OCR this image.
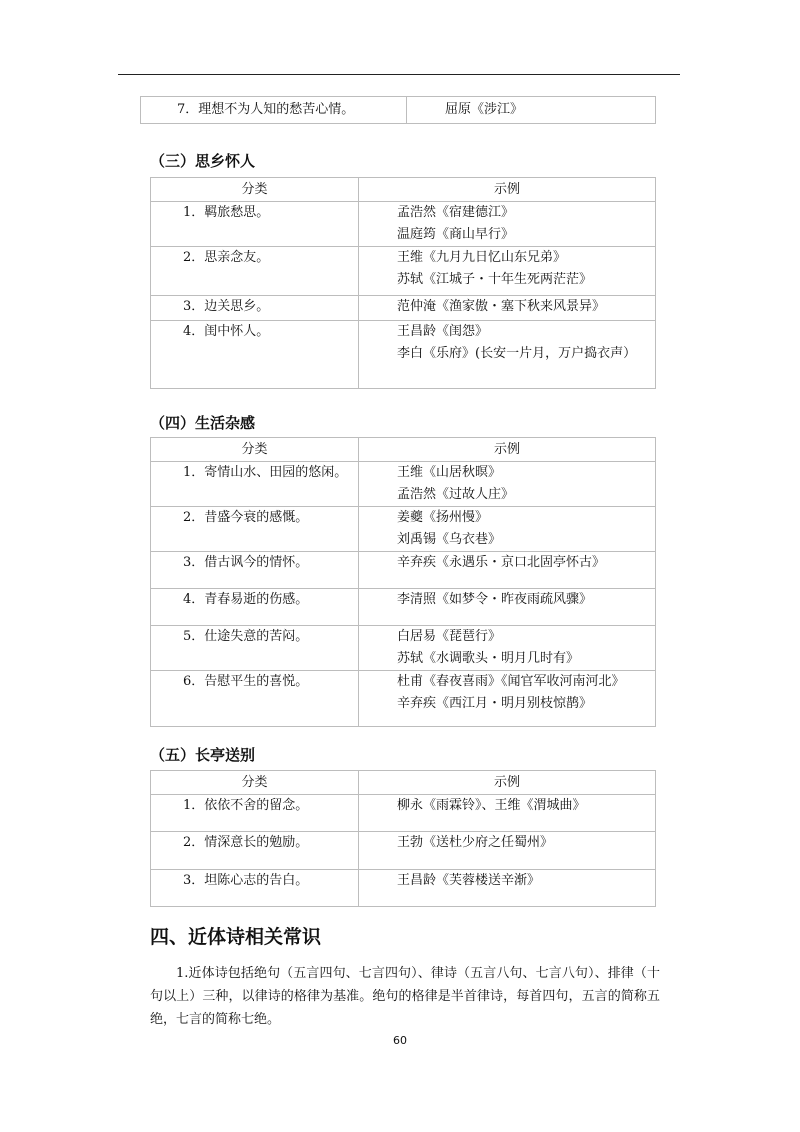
7．理想不为人知的愁苦心情。	屈原《涉江》
（三）思乡怀人
分类	示例
1．羁旅愁思。	孟浩然《宿建德江》
温庭筠《商山早行》

2．思亲念友。	王维《九月九日忆山东兄弟》
苏轼《江城子・十年生死两茫茫》

3．边关思乡。	范仲淹《渔家傲・塞下秋来风景异》

4．闺中怀人。	王昌龄《闺怨》
李白《乐府》(长安一片月，万户捣衣声）
（四）生活杂感
分类	示例
1．寄情山水、田园的悠闲。	王维《山居秋暝》
孟浩然《过故人庄》

2．昔盛今衰的感慨。	姜夔《扬州慢》
刘禹锡《乌衣巷》

3．借古讽今的情怀。	辛弃疾《永遇乐・京口北固亭怀古》

4．青春易逝的伤感。	李清照《如梦令・昨夜雨疏风骤》

5．仕途失意的苦闷。	白居易《琵琶行》
苏轼《水调歌头・明月几时有》

6．告慰平生的喜悦。	杜甫《春夜喜雨》《闻官军收河南河北》
辛弃疾《西江月・明月别枝惊鹊》
（五）长亭送别
分类	示例
1．依依不舍的留念。	柳永《雨霖铃》、王维《渭城曲》

2．情深意长的勉励。	王勃《送杜少府之任蜀州》

3．坦陈心志的告白。	王昌龄《芙蓉楼送辛渐》
四、近体诗相关常识
1.近体诗包括绝句（五言四句、七言四句）、律诗（五言八句、七言八句）、排律（十句以上）三种，以律诗的格律为基准。绝句的格律是半首律诗，每首四句，五言的简称五绝，七言的简称七绝。
60
